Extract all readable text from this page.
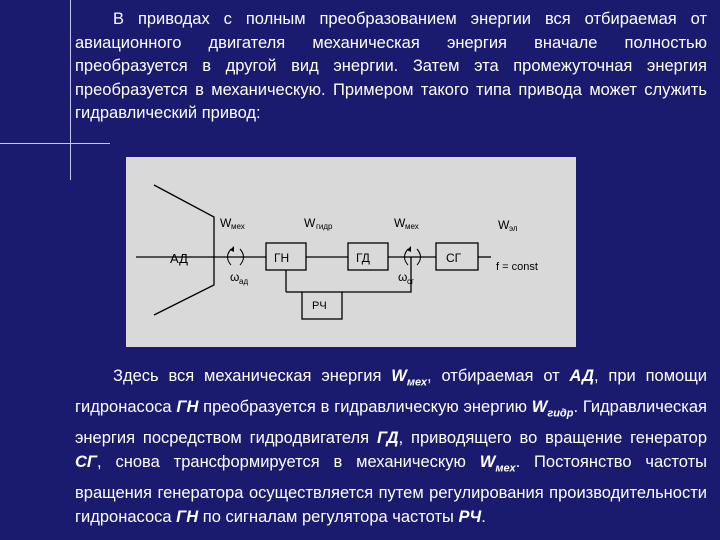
В приводах с полным преобразованием энергии вся отбираемая от авиационного двигателя механическая энергия вначале полностью преобразуется в другой вид энергии. Затем эта промежуточная энергия преобразуется в механическую. Примером такого типа привода может служить гидравлический привод:
АД	ГН	ГД	СГ
РЧ
W мех	W гидр	W мех	W эл
ω ад	ω сг
f = const
Здесь вся механическая энергия $W_{мех}$, отбираемая от АД, при помощи гидронасоса ГН преобразуется в гидравлическую энергию $W_{гидр}$. Гидравлическая энергия посредством гидродвигателя ГД, приводящего во вращение генератор СГ, снова трансформируется в механическую $W_{мех}$. Постоянство частоты вращения генератора осуществляется путем регулирования производительности гидронасоса ГН по сигналам регулятора частоты РЧ.
